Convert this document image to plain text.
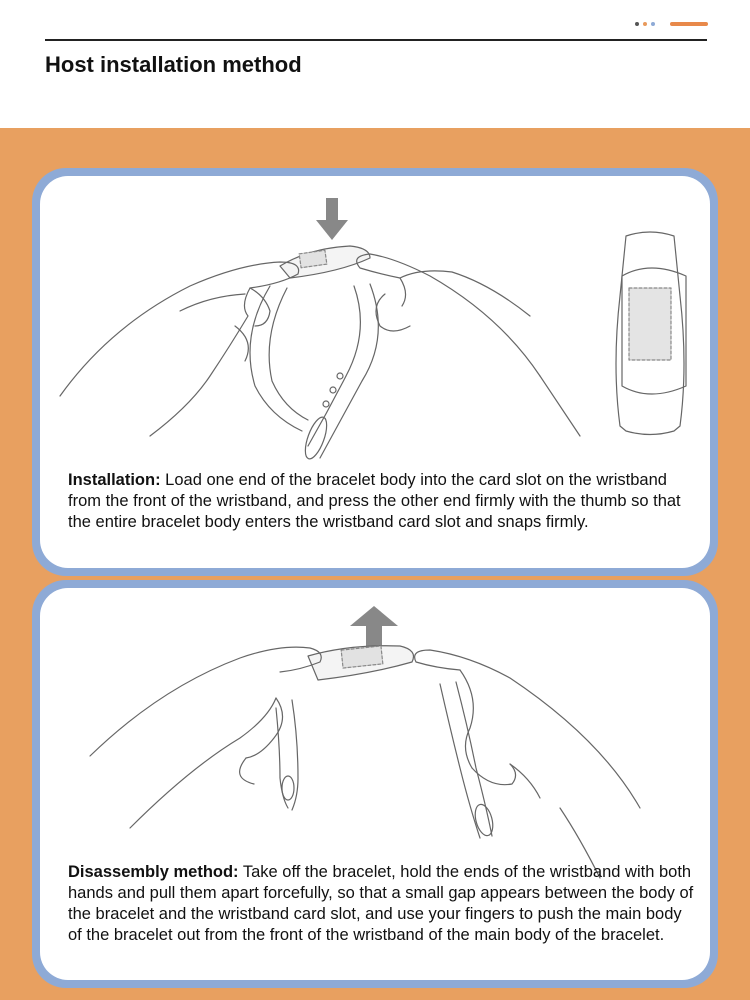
Host installation method
Installation: Load one end of the bracelet body into the card slot on the wristband from the front of the wristband, and press the other end firmly with the thumb so that the entire bracelet body enters the wristband card slot and snaps firmly.
Disassembly method: Take off the bracelet, hold the ends of the wristband with both hands and pull them apart forcefully, so that a small gap appears between the body of the bracelet and the wristband card slot, and use your fingers to push the main body of the bracelet out from the front of the wristband of the main body of the bracelet.
